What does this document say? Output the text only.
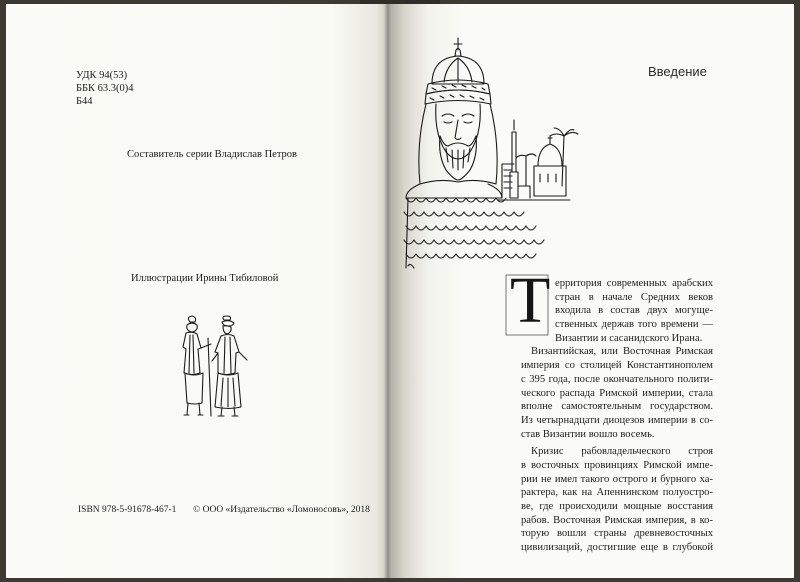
УДК 94(53)
ББК 63.3(0)4
Б44

Составитель серии Владислав Петров

Иллюстрации Ирины Тибиловой

ISBN 978-5-91678-467-1 © ООО «Издательство «Ломоносовъ», 2018

Введение

Т ерритория современных арабских
стран в начале Средних веков
входила в состав двух могуще-
ственных держав того времени —
Византии и сасанидского Ирана.
Византийская, или Восточная Римская
империя со столицей Константинополем
с 395 года, после окончательного полити-
ческого распада Римской империи, стала
вполне самостоятельным государством.
Из четырнадцати диоцезов империи в со-
став Византии вошло восемь.
Кризис рабовладельческого строя
в восточных провинциях Римской импе-
рии не имел такого острого и бурного ха-
рактера, как на Апеннинском полуостро-
ве, где происходили мощные восстания
рабов. Восточная Римская империя, в ко-
торую вошли страны древневосточных
цивилизаций, достигшие еще в глубокой
